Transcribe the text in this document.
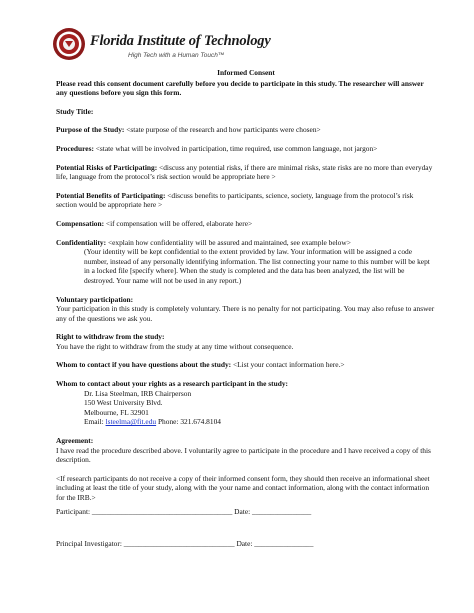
Florida Institute of Technology
High Tech with a Human Touch™

Informed Consent

Please read this consent document carefully before you decide to participate in this study. The researcher will answer any questions before you sign this form.

Study Title:

Purpose of the Study: <state purpose of the research and how participants were chosen>

Procedures: <state what will be involved in participation, time required, use common language, not jargon>

Potential Risks of Participating: <discuss any potential risks, if there are minimal risks, state risks are no more than everyday life, language from the protocol’s risk section would be appropriate here >

Potential Benefits of Participating: <discuss benefits to participants, science, society, language from the protocol’s risk section would be appropriate here >

Compensation: <if compensation will be offered, elaborate here>

Confidentiality: <explain how confidentiality will be assured and maintained, see example below>

(Your identity will be kept confidential to the extent provided by law. Your information will be assigned a code number, instead of any personally identifying information. The list connecting your name to this number will be kept in a locked file [specify where]. When the study is completed and the data has been analyzed, the list will be destroyed. Your name will not be used in any report.)

Voluntary participation:

Your participation in this study is completely voluntary. There is no penalty for not participating. You may also refuse to answer any of the questions we ask you.

Right to withdraw from the study:

You have the right to withdraw from the study at any time without consequence.

Whom to contact if you have questions about the study: <List your contact information here.>

Whom to contact about your rights as a research participant in the study:

Dr. Lisa Steelman, IRB Chairperson

150 West University Blvd.

Melbourne, FL 32901

Email: lsteelma@fit.edu Phone: 321.674.8104

Agreement:

I have read the procedure described above. I voluntarily agree to participate in the procedure and I have received a copy of this description.

<If research participants do not receive a copy of their informed consent form, they should then receive an informational sheet including at least the title of your study, along with the your name and contact information, along with the contact information for the IRB.>

Participant: ______________________________________ Date: ________________

Principal Investigator: ______________________________ Date: ________________
